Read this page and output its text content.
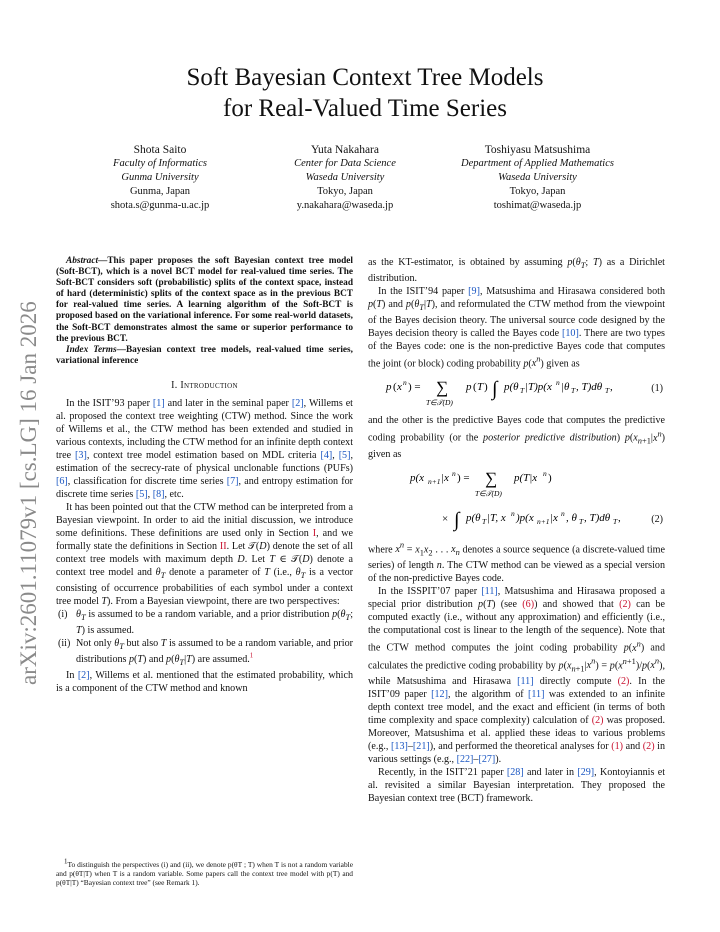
arXiv:2601.11079v1 [cs.LG] 16 Jan 2026
Soft Bayesian Context Tree Models
for Real-Valued Time Series
Shota Saito
Faculty of Informatics
Gunma University
Gunma, Japan
shota.s@gunma-u.ac.jp
Yuta Nakahara
Center for Data Science
Waseda University
Tokyo, Japan
y.nakahara@waseda.jp
Toshiyasu Matsushima
Department of Applied Mathematics
Waseda University
Tokyo, Japan
toshimat@waseda.jp

Abstract—This paper proposes the soft Bayesian context tree model (Soft-BCT), which is a novel BCT model for real-valued time series. The Soft-BCT considers soft (probabilistic) splits of the context space, instead of hard (deterministic) splits of the context space as in the previous BCT for real-valued time series. A learning algorithm of the Soft-BCT is proposed based on the variational inference. For some real-world datasets, the Soft-BCT demonstrates almost the same or superior performance to the previous BCT.

Index Terms—Bayesian context tree models, real-valued time series, variational inference

I. Introduction

In the ISIT’93 paper [1] and later in the seminal paper [2], Willems et al. proposed the context tree weighting (CTW) method. Since the work of Willems et al., the CTW method has been extended and studied in various contexts, including the CTW method for an infinite depth context tree [3], context tree model estimation based on MDL criteria [4], [5], estimation of the secrecy-rate of physical unclonable functions (PUFs) [6], classification for discrete time series [7], and entropy estimation for discrete time series [5], [8], etc.

It has been pointed out that the CTW method can be interpreted from a Bayesian viewpoint. In order to aid the initial discussion, we introduce some definitions. These definitions are used only in Section I, and we formally state the definitions in Section II. Let 𝒯(D) denote the set of all context tree models with maximum depth D. Let T ∈ 𝒯(D) denote a context tree model and $\theta_T$ denote a parameter of T (i.e., $\theta_T$ is a vector consisting of occurrence probabilities of each symbol under a context tree model T). From a Bayesian viewpoint, there are two perspectives:

(i) $\theta_T$ is assumed to be a random variable, and a prior distribution $p(\theta_T$; T) is assumed.
(ii) Not only $\theta_T$ but also T is assumed to be a random variable, and prior distributions p(T) and $p(\theta_T|T)$ are assumed.$^1$

In [2], Willems et al. mentioned that the estimated probability, which is a component of the CTW method and known

1To distinguish the perspectives (i) and (ii), we denote p(θT ; T) when T is not a random variable and p(θT|T) when T is a random variable. Some papers call the context tree model with p(T) and p(θT|T) “Bayesian context tree” (see Remark 1).

as the KT-estimator, is obtained by assuming $p(\theta_T$; T) as a Dirichlet distribution.

In the ISIT’94 paper [9], Matsushima and Hirasawa considered both p(T) and $p(\theta_T|T)$, and reformulated the CTW method from the viewpoint of the Bayes decision theory. The universal source code designed by the Bayes decision theory is called the Bayes code [10]. There are two types of the Bayes code: one is the non-predictive Bayes code that computes the joint (or block) coding probability $p(x^n)$ given as

p ( x n ) = ∑
T∈𝒯(D)
p ( T ) ∫ p(θ T |T)p(x n |θ T , T)dθ T ,	(1)

and the other is the predictive Bayes code that computes the predictive coding probability (or the posterior predictive distribution) $p(x_{n+1}|x^n)$ given as

p(x n+1 |x n ) = ∑
T∈𝒯(D)
p(T|x n )
× ∫ p(θ T |T, x n )p(x n+1 |x n , θ T , T)dθ T ,	(2)

where $x^n = x_1x_2$ . . . $x_n$ denotes a source sequence (a discrete-valued time series) of length n. The CTW method can be viewed as a special version of the non-predictive Bayes code.

In the ISSPIT’07 paper [11], Matsushima and Hirasawa proposed a special prior distribution p(T) (see (6)) and showed that (2) can be computed exactly (i.e., without any approximation) and efficiently (i.e., the computational cost is linear to the length of the sequence). Note that the CTW method computes the joint coding probability $p(x^n)$ and calculates the predictive coding probability by $p(x_{n+1}|x^n) = p(x^{n+1})/p(x^n)$, while Matsushima and Hirasawa [11] directly compute (2). In the ISIT’09 paper [12], the algorithm of [11] was extended to an infinite depth context tree model, and the exact and efficient (in terms of both time complexity and space complexity) calculation of (2) was proposed. Moreover, Matsushima et al. applied these ideas to various problems (e.g., [13]–[21]), and performed the theoretical analyses for (1) and (2) in various settings (e.g., [22]–[27]).

Recently, in the ISIT’21 paper [28] and later in [29], Kontoyiannis et al. revisited a similar Bayesian interpretation. They proposed the Bayesian context tree (BCT) framework.
